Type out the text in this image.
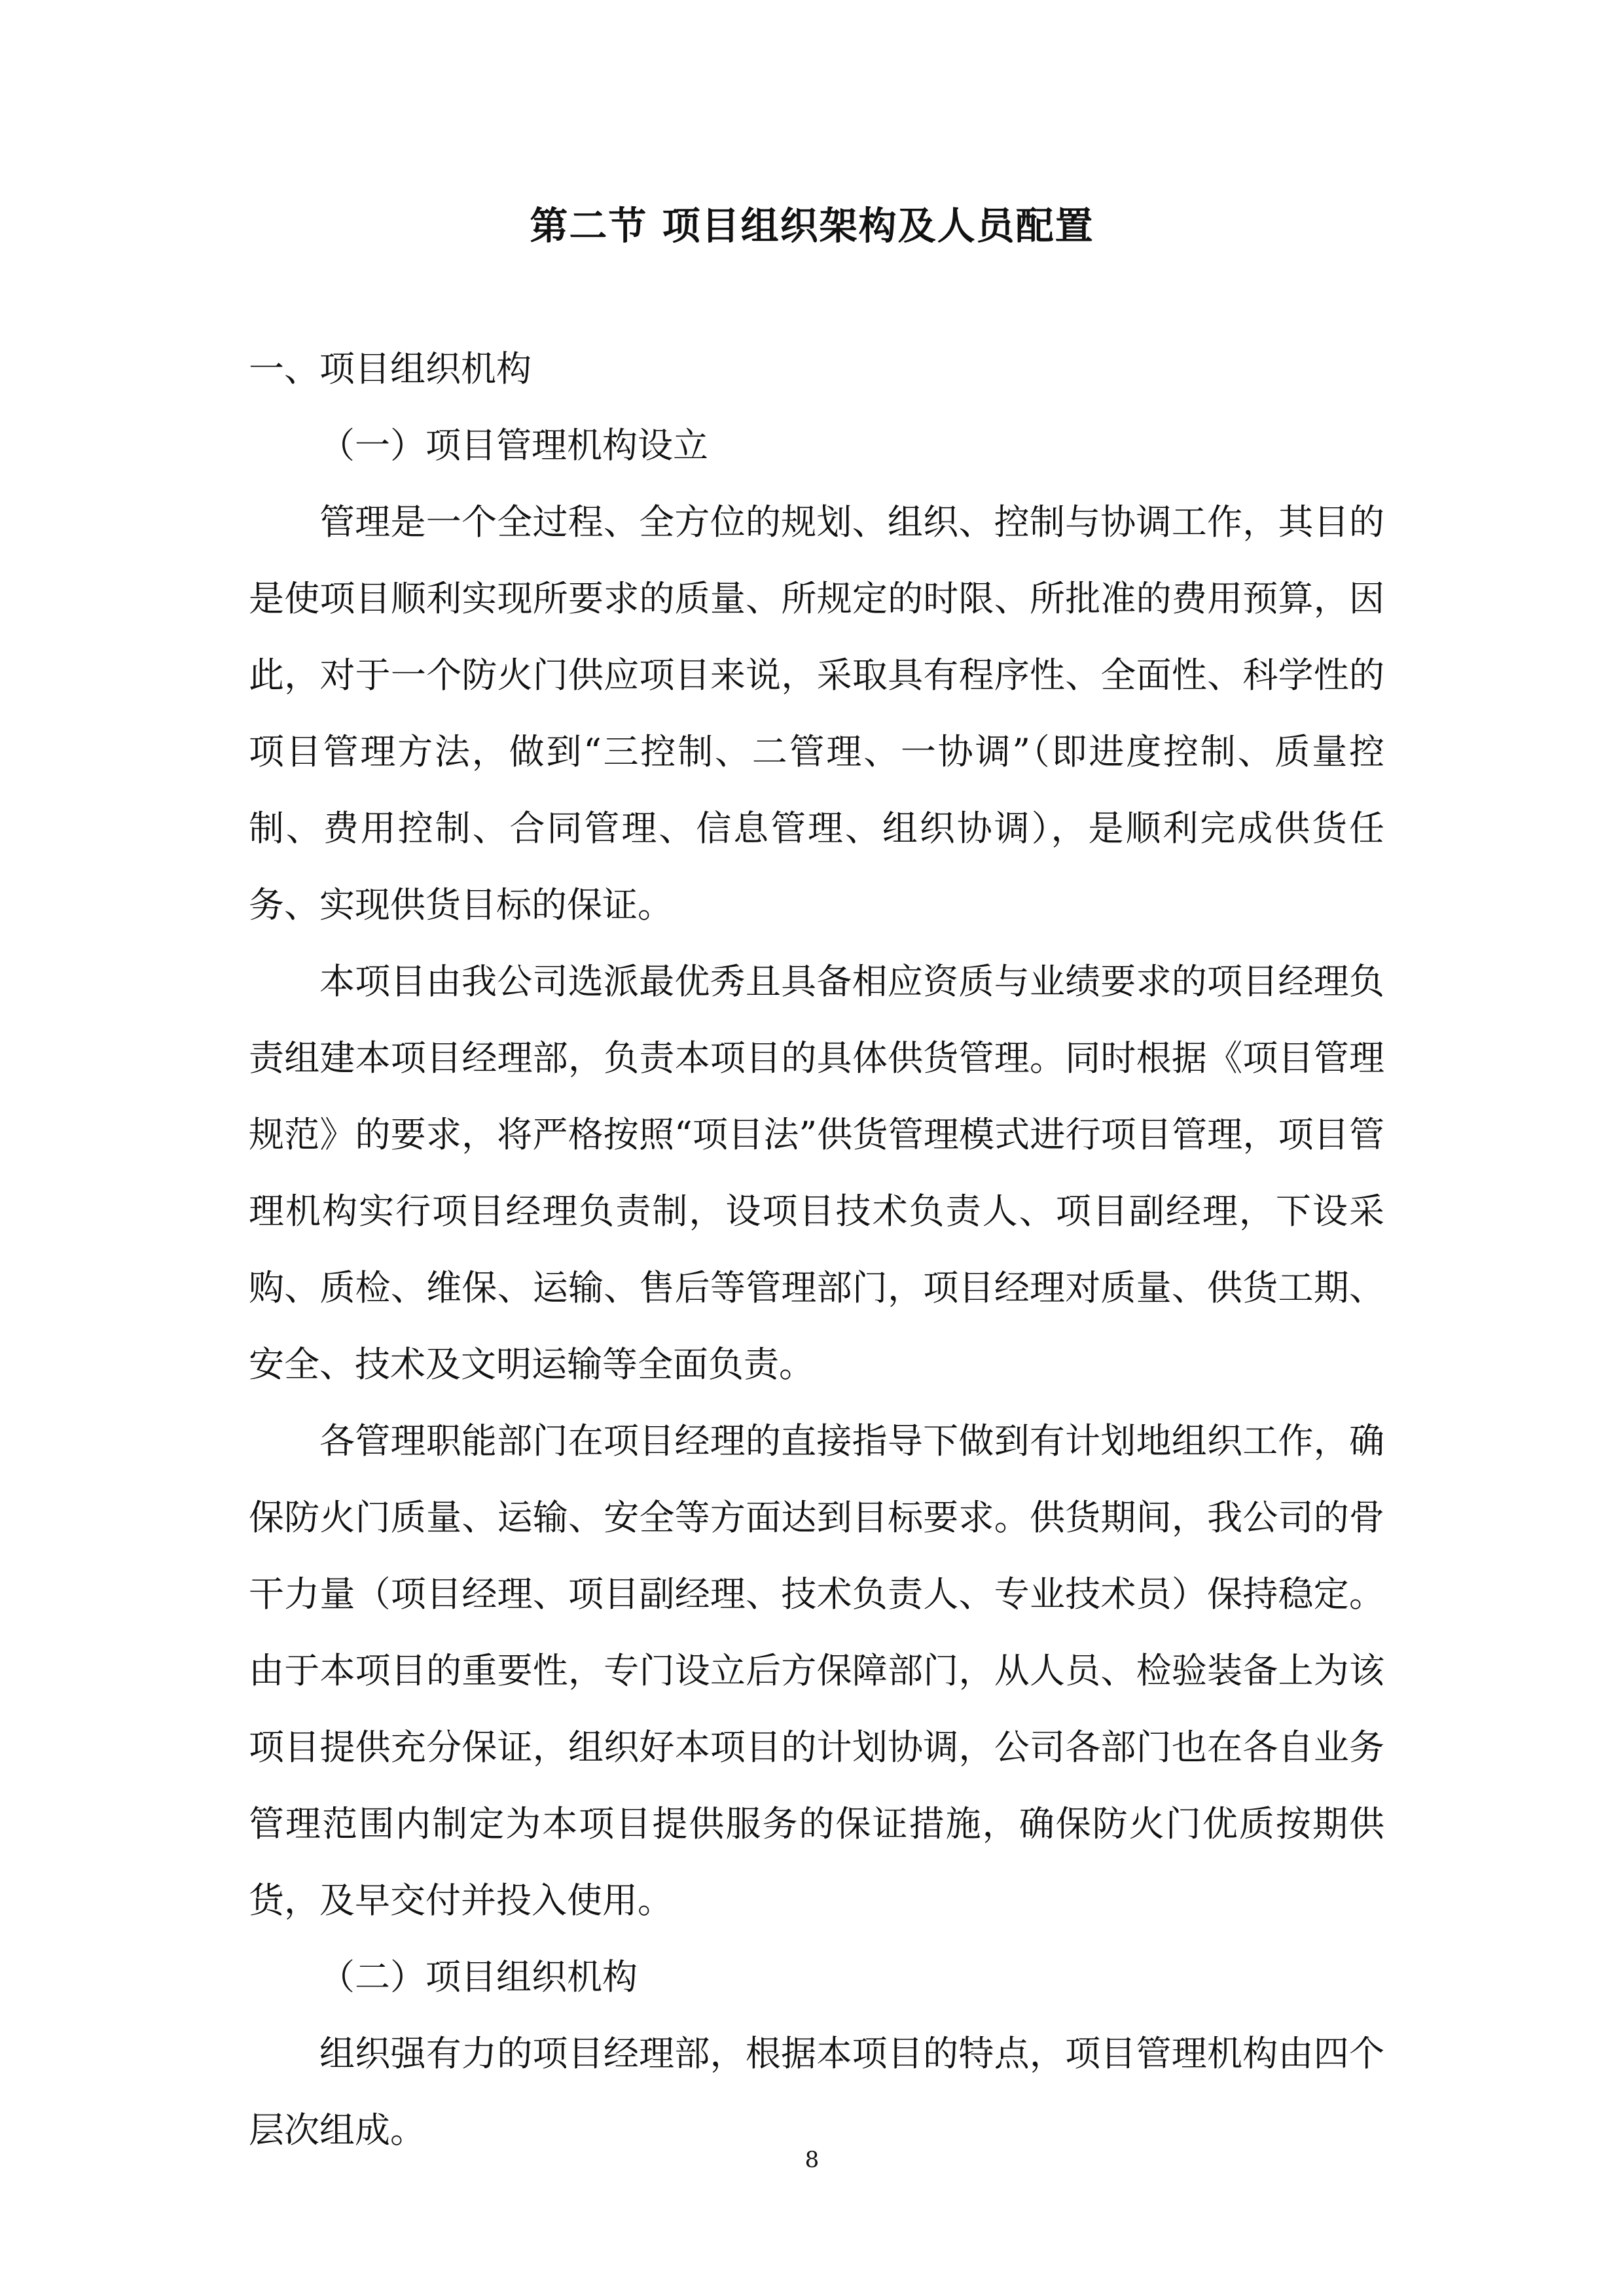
第二节 项目组织架构及人员配置

一、项目组织机构

（一）项目管理机构设立

管理是一个全过程、全方位的规划、组织、控制与协调工作，其目的是使项目顺利实现所要求的质量、所规定的时限、所批准的费用预算，因此，对于一个防火门供应项目来说，采取具有程序性、全面性、科学性的项目管理方法，做到“三控制、二管理、一协调”（即进度控制、质量控制、费用控制、合同管理、信息管理、组织协调），是顺利完成供货任务、实现供货目标的保证。

本项目由我公司选派最优秀且具备相应资质与业绩要求的项目经理负责组建本项目经理部，负责本项目的具体供货管理。同时根据《项目管理规范》的要求，将严格按照“项目法”供货管理模式进行项目管理，项目管理机构实行项目经理负责制，设项目技术负责人、项目副经理，下设采购、质检、维保、运输、售后等管理部门，项目经理对质量、供货工期、安全、技术及文明运输等全面负责。

各管理职能部门在项目经理的直接指导下做到有计划地组织工作，确保防火门质量、运输、安全等方面达到目标要求。供货期间，我公司的骨干力量（项目经理、项目副经理、技术负责人、专业技术员）保持稳定。由于本项目的重要性，专门设立后方保障部门，从人员、检验装备上为该项目提供充分保证，组织好本项目的计划协调，公司各部门也在各自业务管理范围内制定为本项目提供服务的保证措施，确保防火门优质按期供货，及早交付并投入使用。

（二）项目组织机构

组织强有力的项目经理部，根据本项目的特点，项目管理机构由四个层次组成。

8
